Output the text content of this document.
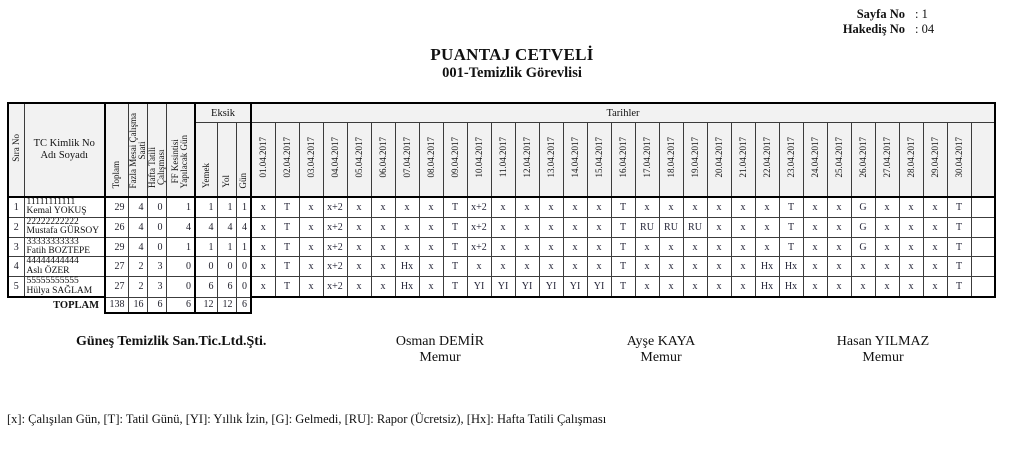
Sayfa No : 1
Hakediş No : 04
PUANTAJ CETVELİ
001-Temizlik Görevlisi
Sıra No	TC Kimlik No
Adı Soyadı

Toplam	Fazla Mesai Çalışma Saati	Hafta Tatili Çalışması	FF Kesintisi Yapılacak Gün
	Eksik	Tarihler

						Yemek	Yol	Gün	01.04.2017	02.04.2017	03.04.2017	04.04.2017	05.04.2017	06.04.2017	07.04.2017	08.04.2017	09.04.2017	10.04.2017	11.04.2017	12.04.2017	13.04.2017	14.04.2017	15.04.2017	16.04.2017	17.04.2017	18.04.2017	19.04.2017	20.04.2017	21.04.2017	22.04.2017	23.04.2017	24.04.2017	25.04.2017	26.04.2017	27.04.2017	28.04.2017	29.04.2017	30.04.2017	

1	11111111111
Kemal YOKUŞ	29	4	0	1	1	1	1	x	T	x	x+2	x	x	x	x	T	x+2	x	x	x	x	x	T	x	x	x	x	x	x	T	x	x	G	x	x	x	T	
2	22222222222
Mustafa GÜRSOY	26	4	0	4	4	4	4	x	T	x	x+2	x	x	x	x	T	x+2	x	x	x	x	x	T	RU	RU	RU	x	x	x	T	x	x	G	x	x	x	T	
3	33333333333
Fatih BOZTEPE	29	4	0	1	1	1	1	x	T	x	x+2	x	x	x	x	T	x+2	x	x	x	x	x	T	x	x	x	x	x	x	T	x	x	G	x	x	x	T	
4	44444444444
Aslı ÖZER	27	2	3	0	0	0	0	x	T	x	x+2	x	x	Hx	x	T	x	x	x	x	x	x	T	x	x	x	x	x	Hx	Hx	x	x	x	x	x	x	T	
5	55555555555
Hülya SAĞLAM	27	2	3	0	6	6	0	x	T	x	x+2	x	x	Hx	x	T	YI	YI	YI	YI	YI	YI	T	x	x	x	x	x	Hx	Hx	x	x	x	x	x	x	T	
TOPLAM		138	16	6	6	12	12	6																															
Güneş Temizlik San.Tic.Ltd.Şti.	Osman DEMİR
Memur
Ayşe KAYA
Memur
Hasan YILMAZ
Memur
[x]: Çalışılan Gün, [T]: Tatil Günü, [YI]: Yıllık İzin, [G]: Gelmedi, [RU]: Rapor (Ücretsiz), [Hx]: Hafta Tatili Çalışması
